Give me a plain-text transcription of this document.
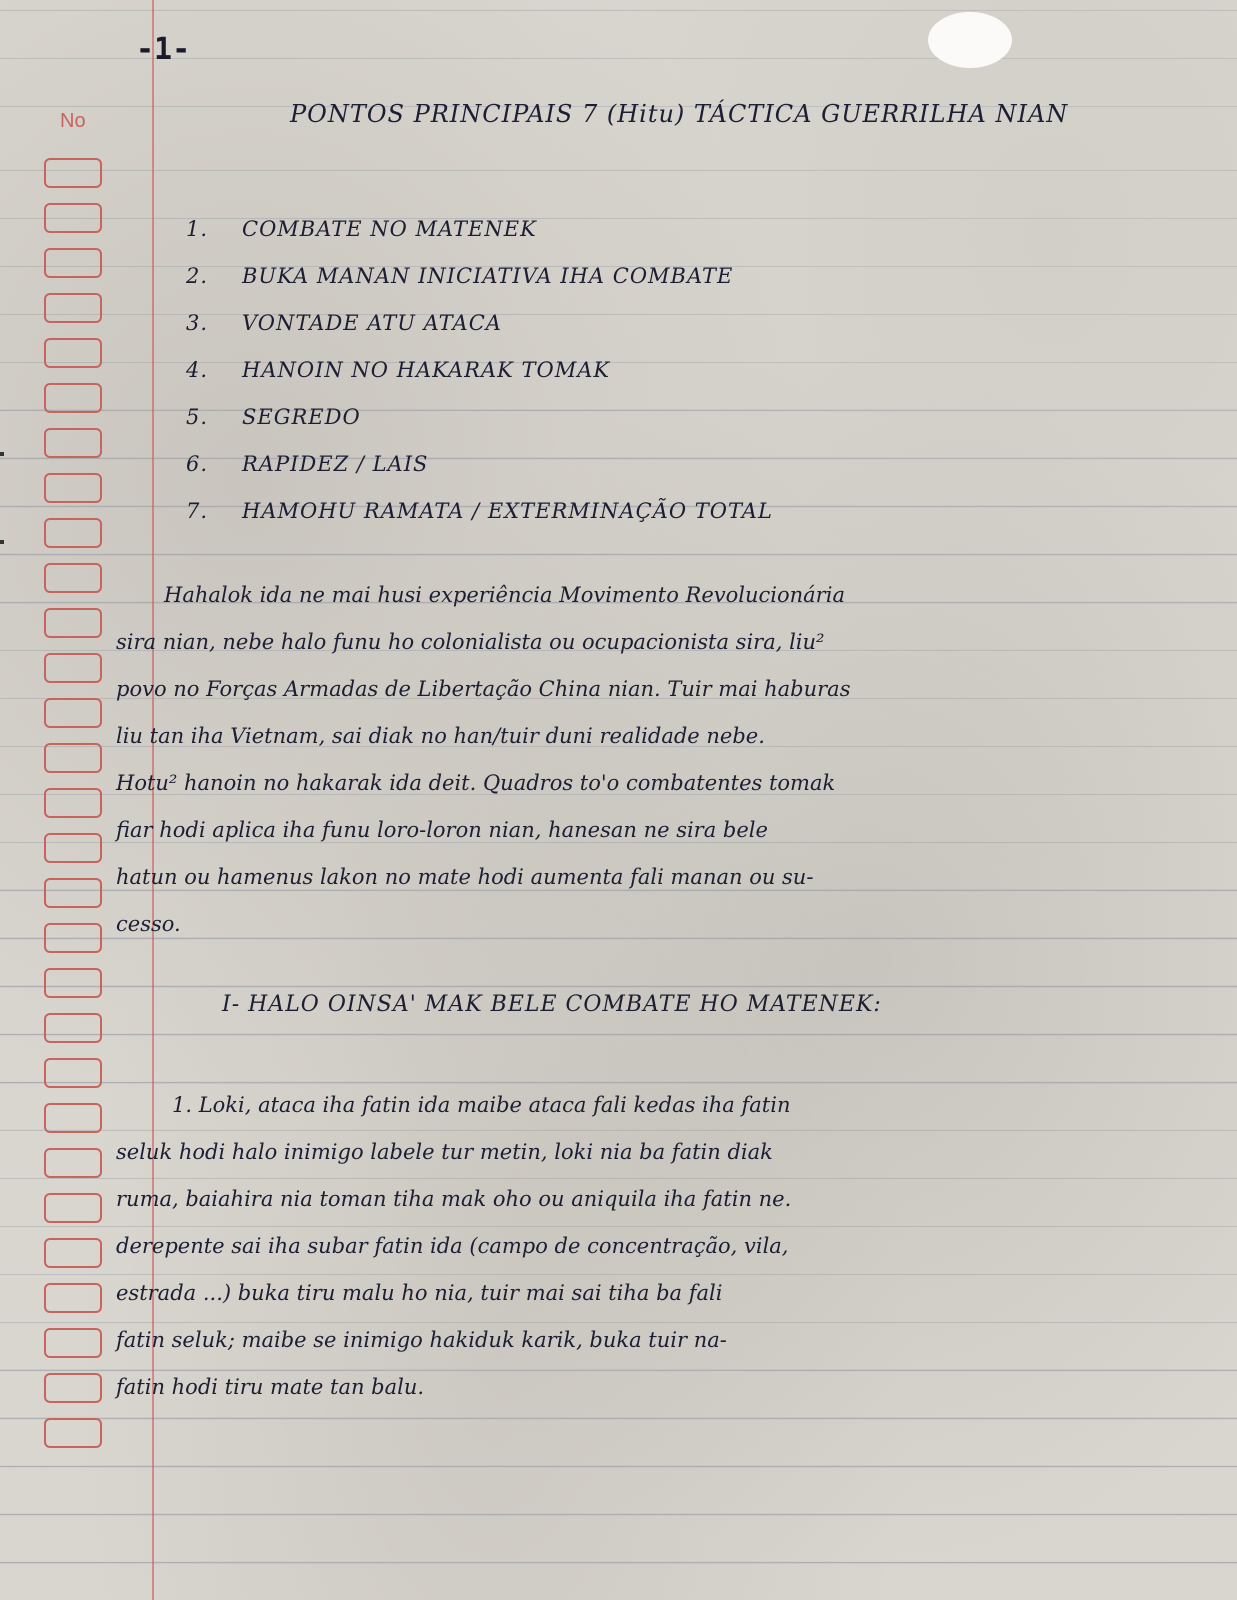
No
-1-
PONTOS PRINCIPAIS 7 (Hitu) TÁCTICA GUERRILHA NIAN
1. COMBATE NO MATENEK
2. BUKA MANAN INICIATIVA IHA COMBATE
3. VONTADE ATU ATACA
4. HANOIN NO HAKARAK TOMAK
5. SEGREDO
6. RAPIDEZ / LAIS
7. HAMOHU RAMATA / EXTERMINAÇÃO TOTAL

Hahalok ida ne mai husi experiência Movimento Revolucionária
sira nian, nebe halo funu ho colonialista ou ocupacionista sira, liu²
povo no Forças Armadas de Libertação China nian. Tuir mai haburas
liu tan iha Vietnam, sai diak no han/tuir duni realidade nebe.
Hotu² hanoin no hakarak ida deit. Quadros to'o combatentes tomak
fiar hodi aplica iha funu loro-loron nian, hanesan ne sira bele
hatun ou hamenus lakon no mate hodi aumenta fali manan ou su-
cesso.

I- HALO OINSA' MAK BELE COMBATE HO MATENEK:

1. Loki, ataca iha fatin ida maibe ataca fali kedas iha fatin
seluk hodi halo inimigo labele tur metin, loki nia ba fatin diak
ruma, baiahira nia toman tiha mak oho ou aniquila iha fatin ne.
derepente sai iha subar fatin ida (campo de concentração, vila,
estrada ...) buka tiru malu ho nia, tuir mai sai tiha ba fali
fatin seluk; maibe se inimigo hakiduk karik, buka tuir na-
fatin hodi tiru mate tan balu.
